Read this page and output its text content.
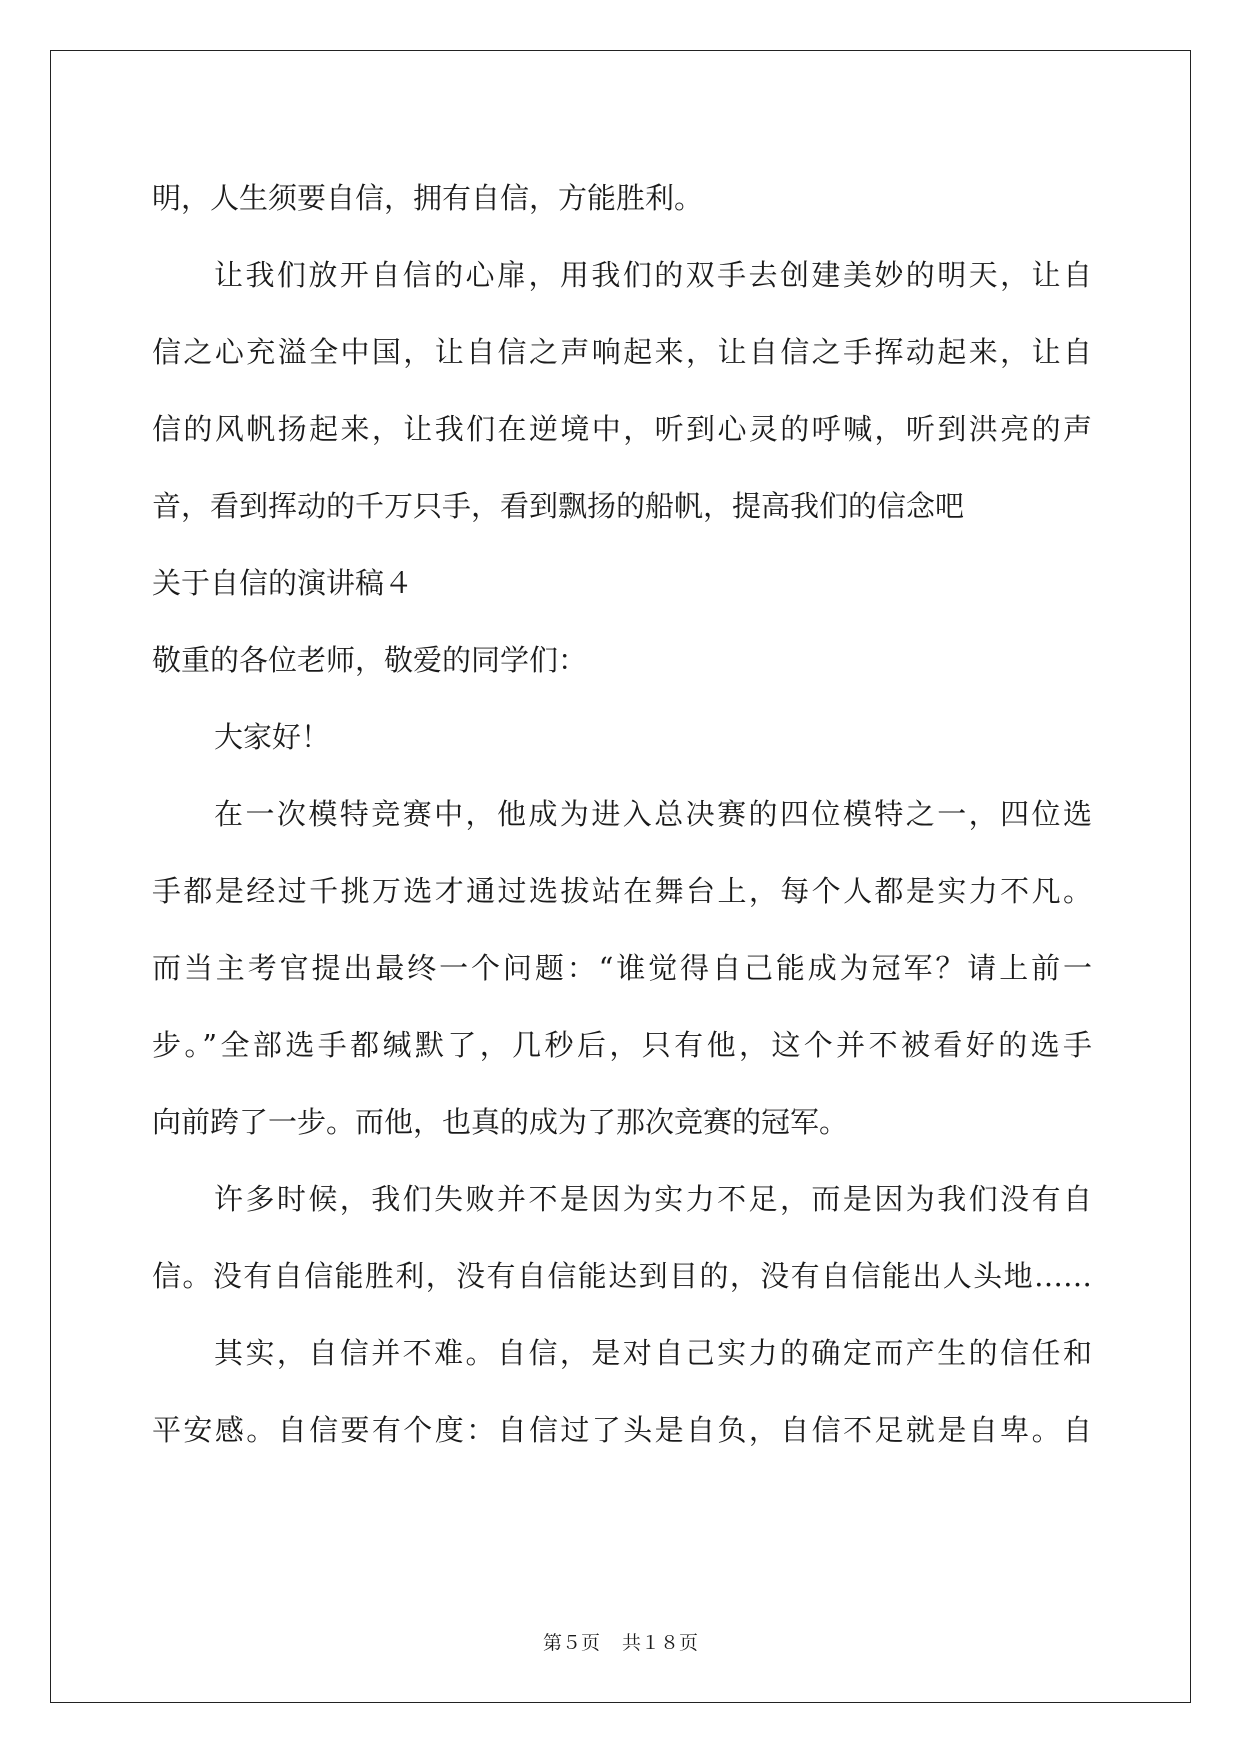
明，人生须要自信，拥有自信，方能胜利。
让我们放开自信的心扉，用我们的双手去创建美妙的明天，让自
信之心充溢全中国，让自信之声响起来，让自信之手挥动起来，让自
信的风帆扬起来，让我们在逆境中，听到心灵的呼喊，听到洪亮的声
音，看到挥动的千万只手，看到飘扬的船帆，提高我们的信念吧
关于自信的演讲稿４
敬重的各位老师，敬爱的同学们：
大家好！
在一次模特竞赛中，他成为进入总决赛的四位模特之一，四位选
手都是经过千挑万选才通过选拔站在舞台上，每个人都是实力不凡。
而当主考官提出最终一个问题：“谁觉得自己能成为冠军？请上前一
步。”全部选手都缄默了，几秒后，只有他，这个并不被看好的选手
向前跨了一步。而他，也真的成为了那次竞赛的冠军。
许多时候，我们失败并不是因为实力不足，而是因为我们没有自
信。没有自信能胜利，没有自信能达到目的，没有自信能出人头地……
其实，自信并不难。自信，是对自己实力的确定而产生的信任和
平安感。自信要有个度：自信过了头是自负，自信不足就是自卑。自
第５页 共１８页
